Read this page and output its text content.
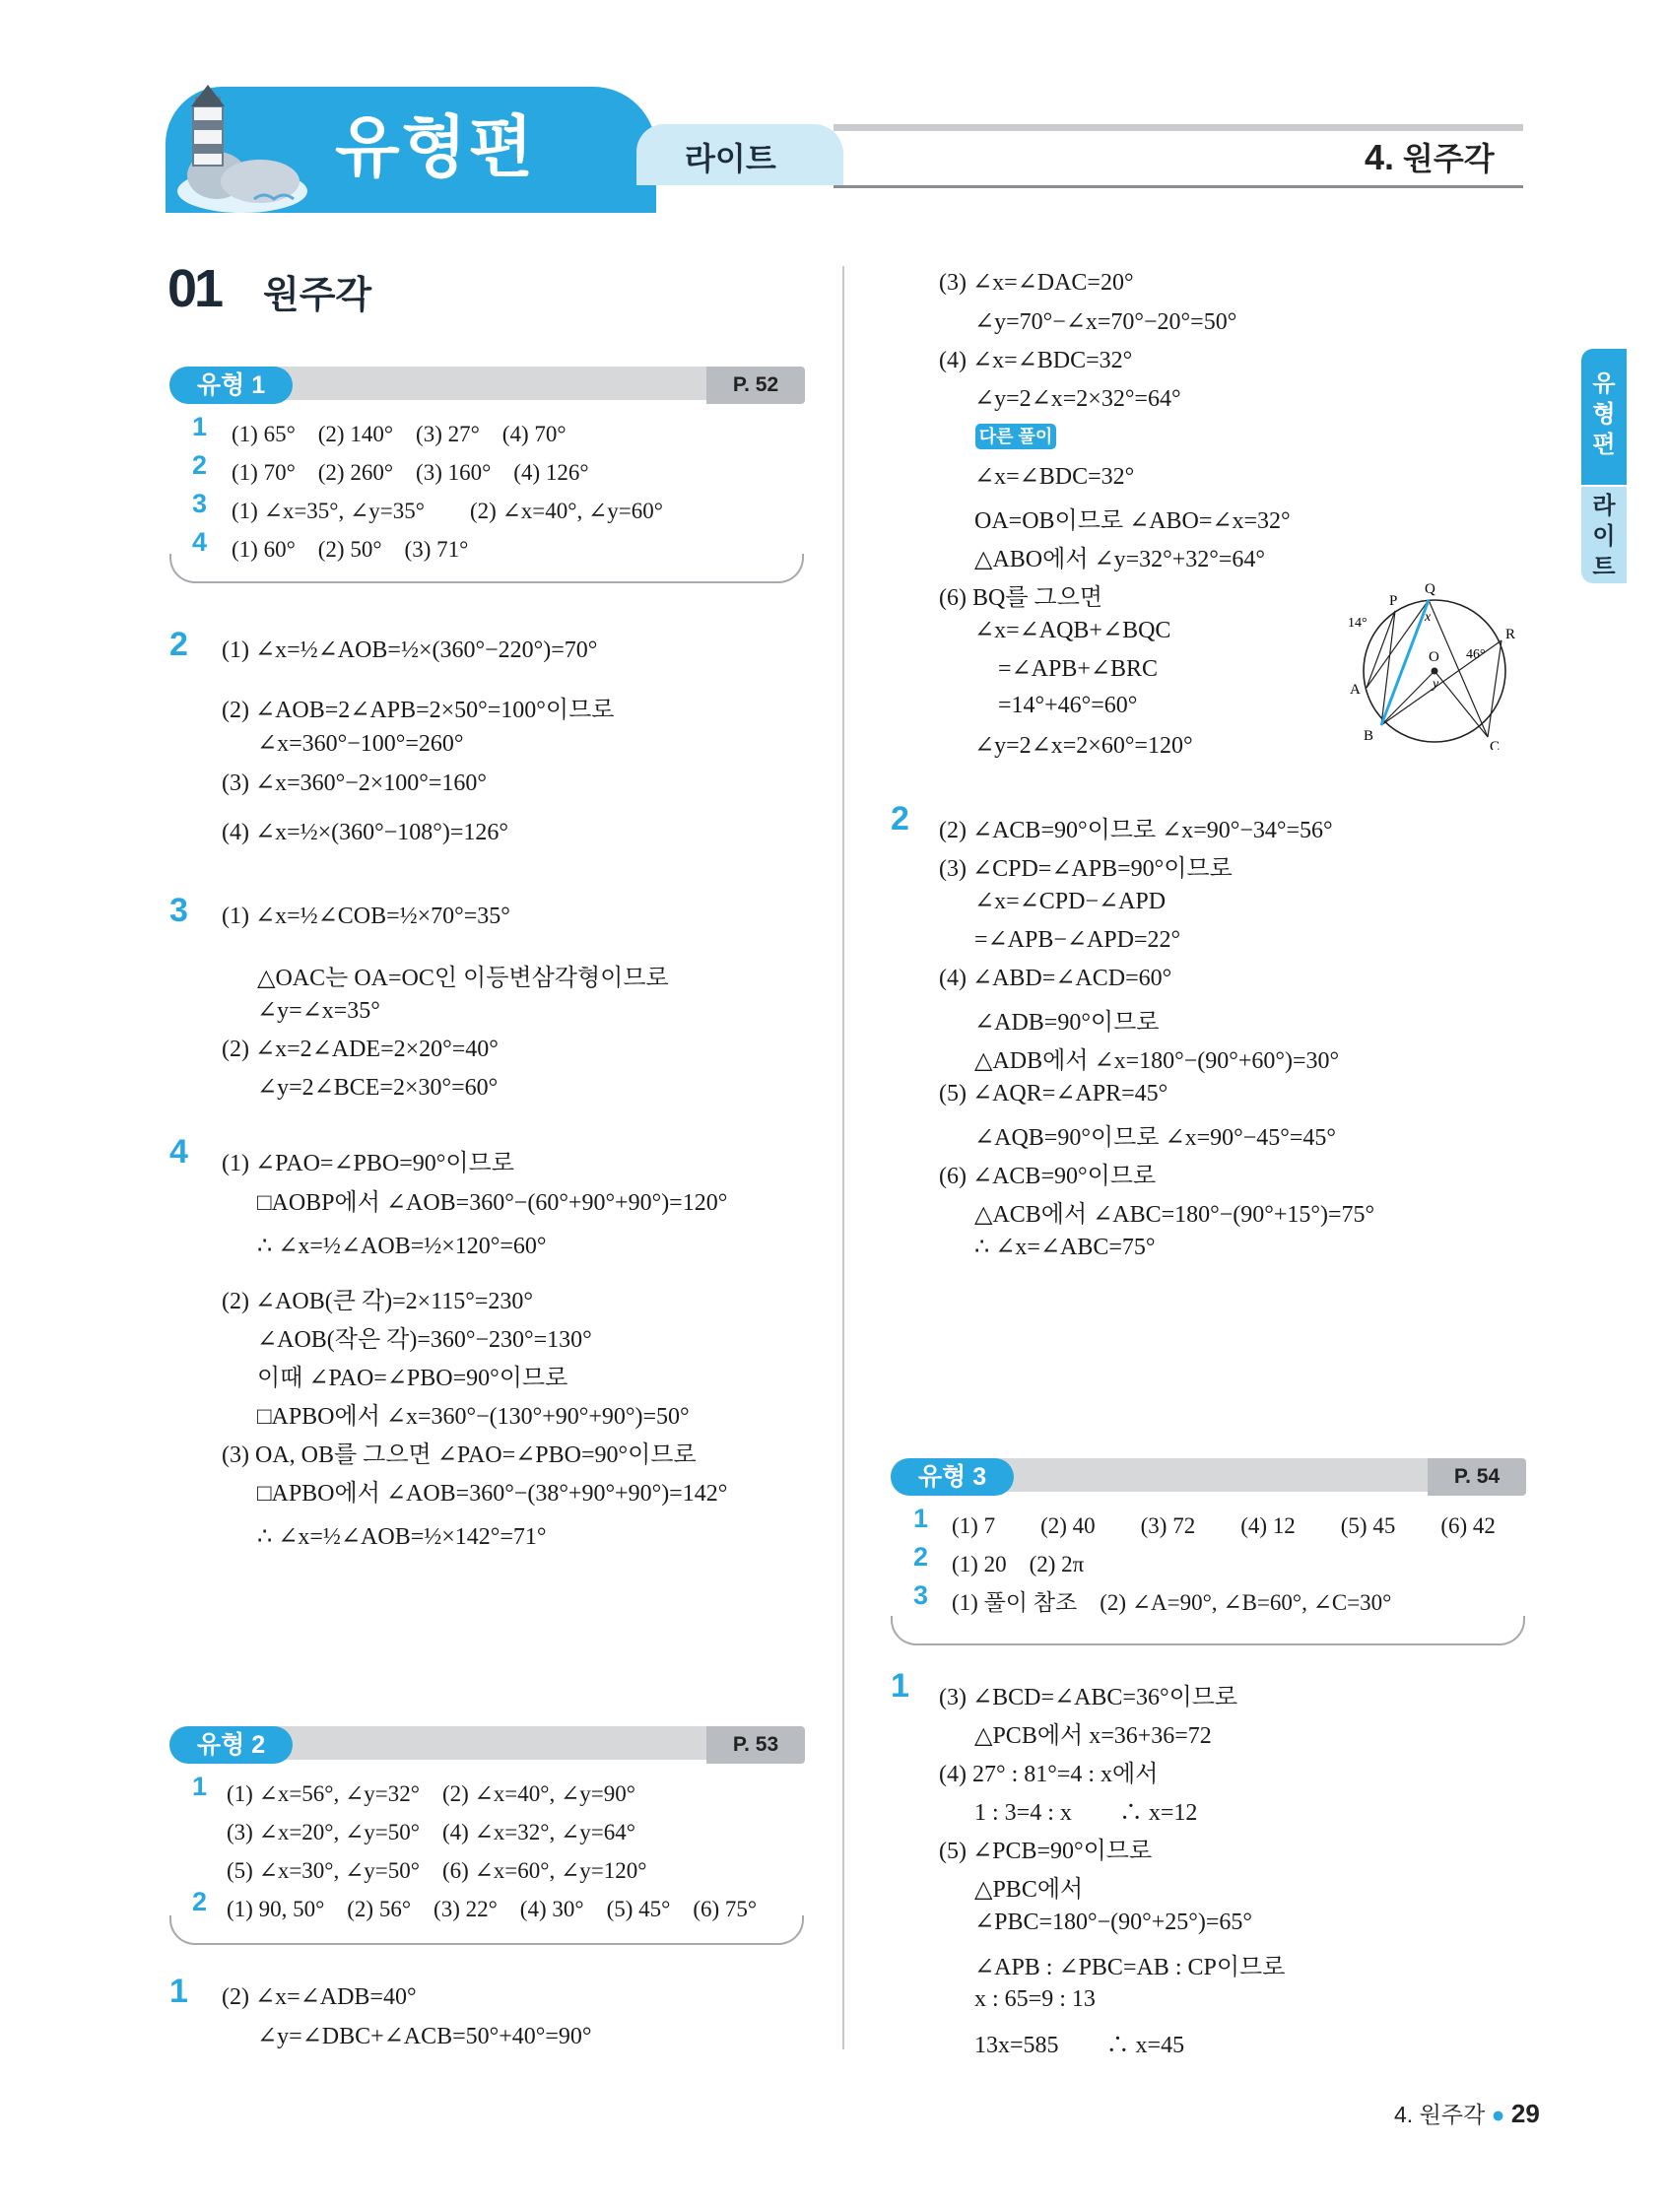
유형편	라이트	4. 원주각
유
형
편
라
이
트
01 원주각
유형 1	P. 52
유형 2	P. 53
다른 풀이
P
Q
R
A
B
C
O
14°
46°
x
y
유형 3	P. 54
4. 원주각 ● 29
1 (1) 65°　(2) 140°　(3) 27°　(4) 70°
2 (1) 70°　(2) 260°　(3) 160°　(4) 126°
3 (1) ∠x=35°, ∠y=35°　　(2) ∠x=40°, ∠y=60°
4 (1) 60°　(2) 50°　(3) 71°
1 (1) ∠x=56°, ∠y=32°　(2) ∠x=40°, ∠y=90°
(3) ∠x=20°, ∠y=50°　(4) ∠x=32°, ∠y=64°
(5) ∠x=30°, ∠y=50°　(6) ∠x=60°, ∠y=120°
2 (1) 90, 50°　(2) 56°　(3) 22°　(4) 30°　(5) 45°　(6) 75°
1 (1) 7　　(2) 40　　(3) 72　　(4) 12　　(5) 45　　(6) 42
2 (1) 20　(2) 2π
3 (1) 풀이 참조　(2) ∠A=90°, ∠B=60°, ∠C=30°
2 (1) ∠x=½∠AOB=½×(360°−220°)=70°
(2) ∠AOB=2∠APB=2×50°=100°이므로
∠x=360°−100°=260°
(3) ∠x=360°−2×100°=160°
(4) ∠x=½×(360°−108°)=126°
3 (1) ∠x=½∠COB=½×70°=35°
△OAC는 OA=OC인 이등변삼각형이므로
∠y=∠x=35°
(2) ∠x=2∠ADE=2×20°=40°
∠y=2∠BCE=2×30°=60°
4 (1) ∠PAO=∠PBO=90°이므로
□AOBP에서 ∠AOB=360°−(60°+90°+90°)=120°
∴ ∠x=½∠AOB=½×120°=60°
(2) ∠AOB(큰 각)=2×115°=230°
∠AOB(작은 각)=360°−230°=130°
이때 ∠PAO=∠PBO=90°이므로
□APBO에서 ∠x=360°−(130°+90°+90°)=50°
(3) OA, OB를 그으면 ∠PAO=∠PBO=90°이므로
□APBO에서 ∠AOB=360°−(38°+90°+90°)=142°
∴ ∠x=½∠AOB=½×142°=71°
1 (2) ∠x=∠ADB=40°
∠y=∠DBC+∠ACB=50°+40°=90°
(3) ∠x=∠DAC=20°
∠y=70°−∠x=70°−20°=50°
(4) ∠x=∠BDC=32°
∠y=2∠x=2×32°=64°
∠x=∠BDC=32°
OA=OB이므로 ∠ABO=∠x=32°
△ABO에서 ∠y=32°+32°=64°
(6) BQ를 그으면
∠x=∠AQB+∠BQC
=∠APB+∠BRC
=14°+46°=60°
∠y=2∠x=2×60°=120°
2 (2) ∠ACB=90°이므로 ∠x=90°−34°=56°
(3) ∠CPD=∠APB=90°이므로
∠x=∠CPD−∠APD
=∠APB−∠APD=22°
(4) ∠ABD=∠ACD=60°
∠ADB=90°이므로
△ADB에서 ∠x=180°−(90°+60°)=30°
(5) ∠AQR=∠APR=45°
∠AQB=90°이므로 ∠x=90°−45°=45°
(6) ∠ACB=90°이므로
△ACB에서 ∠ABC=180°−(90°+15°)=75°
∴ ∠x=∠ABC=75°
1 (3) ∠BCD=∠ABC=36°이므로
△PCB에서 x=36+36=72
(4) 27° : 81°=4 : x에서
1 : 3=4 : x　　∴ x=12
(5) ∠PCB=90°이므로
△PBC에서
∠PBC=180°−(90°+25°)=65°
∠APB : ∠PBC=AB : CP이므로
x : 65=9 : 13
13x=585　　∴ x=45
